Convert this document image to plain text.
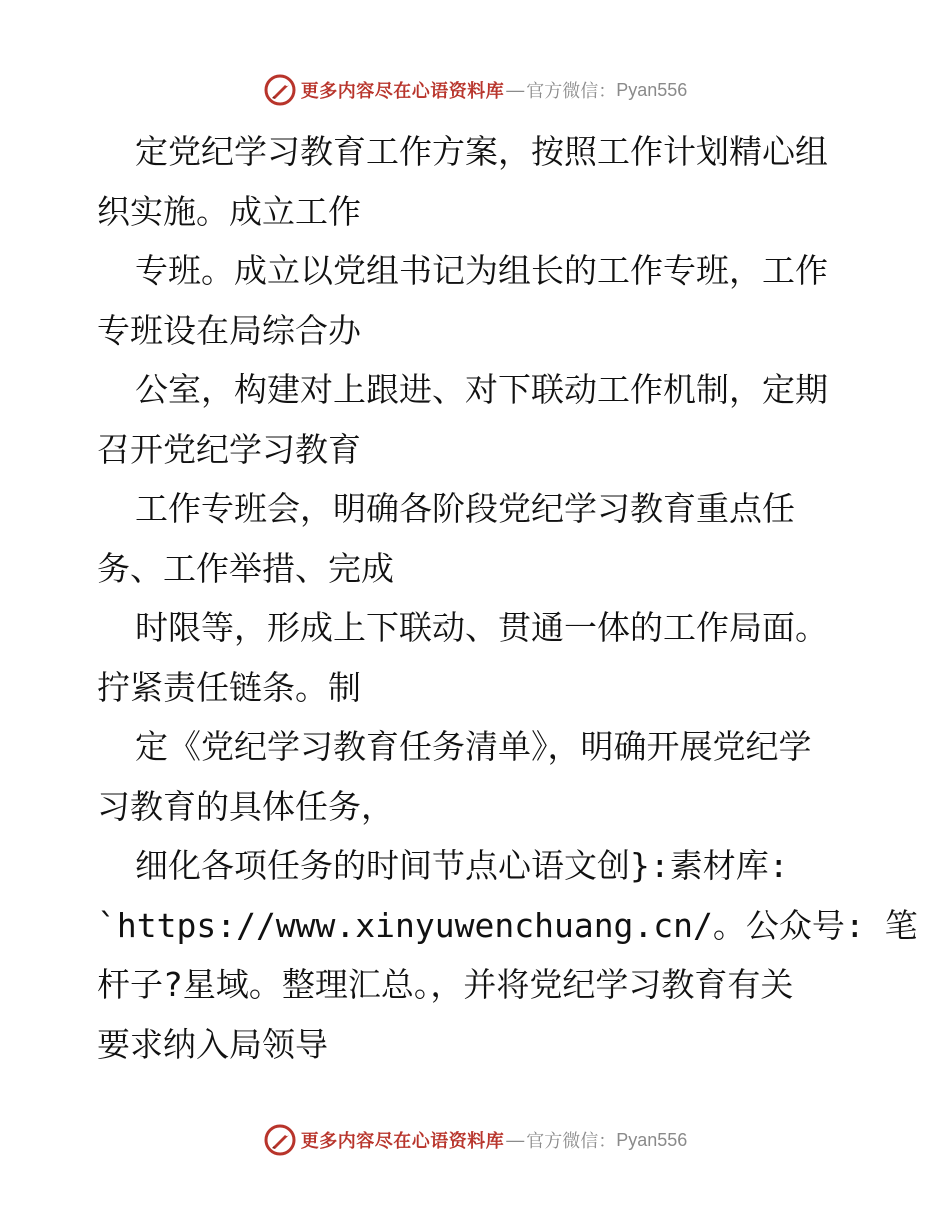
更多内容尽在心语资料库 — 官方微信： Pyan556
定党纪学习教育工作方案，按照工作计划精心组
织实施。成立工作
专班。成立以党组书记为组长的工作专班，工作
专班设在局综合办
公室，构建对上跟进、对下联动工作机制，定期
召开党纪学习教育
工作专班会，明确各阶段党纪学习教育重点任
务、工作举措、完成
时限等，形成上下联动、贯通一体的工作局面。
拧紧责任链条。制
定《党纪学习教育任务清单》，明确开展党纪学
习教育的具体任务，
细化各项任务的时间节点心语文创}:素材库:
`https://www.xinyuwenchuang.cn/。公众号: 笔
杆子?星域。整理汇总。，并将党纪学习教育有关
要求纳入局领导
更多内容尽在心语资料库 — 官方微信： Pyan556
